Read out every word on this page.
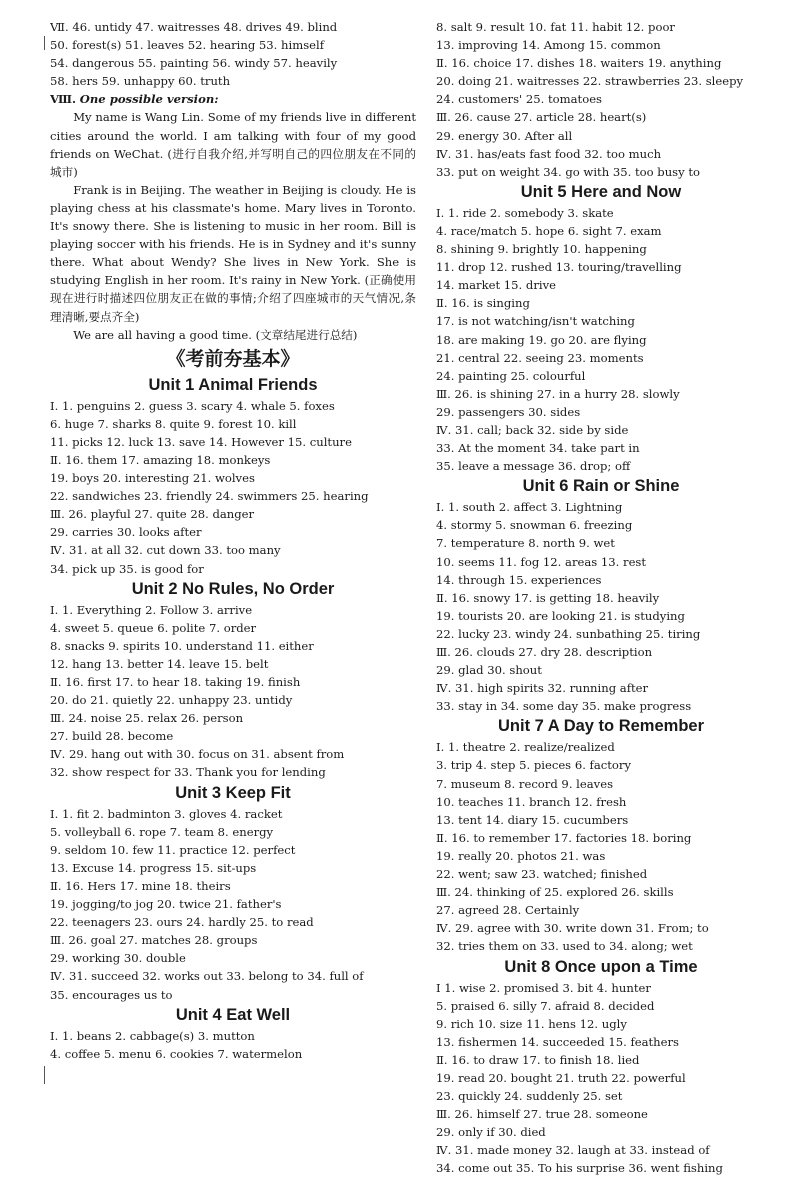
Ⅶ. 46. untidy 47. waitresses 48. drives 49. blind
50. forest(s) 51. leaves 52. hearing 53. himself
54. dangerous 55. painting 56. windy 57. heavily
58. hers 59. unhappy 60. truth
Ⅷ. One possible version:
My name is Wang Lin. Some of my friends live in different cities around the world. I am talking with four of my good friends on WeChat. (进行自我介绍,并写明自己的四位朋友在不同的城市)
Frank is in Beijing. The weather in Beijing is cloudy. He is playing chess at his classmate's home. Mary lives in Toronto. It's snowy there. She is listening to music in her room. Bill is playing soccer with his friends. He is in Sydney and it's sunny there. What about Wendy? She lives in New York. She is studying English in her room. It's rainy in New York. (正确使用现在进行时描述四位朋友正在做的事情;介绍了四座城市的天气情况,条理清晰,要点齐全)
We are all having a good time. (文章结尾进行总结)
《考前夯基本》
Unit 1 Animal Friends
Ⅰ. 1. penguins 2. guess 3. scary 4. whale 5. foxes
6. huge 7. sharks 8. quite 9. forest 10. kill
11. picks 12. luck 13. save 14. However 15. culture
Ⅱ. 16. them 17. amazing 18. monkeys
19. boys 20. interesting 21. wolves
22. sandwiches 23. friendly 24. swimmers 25. hearing
Ⅲ. 26. playful 27. quite 28. danger
29. carries 30. looks after
Ⅳ. 31. at all 32. cut down 33. too many
34. pick up 35. is good for
Unit 2 No Rules, No Order
Ⅰ. 1. Everything 2. Follow 3. arrive
4. sweet 5. queue 6. polite 7. order
8. snacks 9. spirits 10. understand 11. either
12. hang 13. better 14. leave 15. belt
Ⅱ. 16. first 17. to hear 18. taking 19. finish
20. do 21. quietly 22. unhappy 23. untidy
Ⅲ. 24. noise 25. relax 26. person
27. build 28. become
Ⅳ. 29. hang out with 30. focus on 31. absent from
32. show respect for 33. Thank you for lending
Unit 3 Keep Fit
Ⅰ. 1. fit 2. badminton 3. gloves 4. racket
5. volleyball 6. rope 7. team 8. energy
9. seldom 10. few 11. practice 12. perfect
13. Excuse 14. progress 15. sit-ups
Ⅱ. 16. Hers 17. mine 18. theirs
19. jogging/to jog 20. twice 21. father's
22. teenagers 23. ours 24. hardly 25. to read
Ⅲ. 26. goal 27. matches 28. groups
29. working 30. double
Ⅳ. 31. succeed 32. works out 33. belong to 34. full of
35. encourages us to
Unit 4 Eat Well
Ⅰ. 1. beans 2. cabbage(s) 3. mutton
4. coffee 5. menu 6. cookies 7. watermelon
8. salt 9. result 10. fat 11. habit 12. poor
13. improving 14. Among 15. common
Ⅱ. 16. choice 17. dishes 18. waiters 19. anything
20. doing 21. waitresses 22. strawberries 23. sleepy
24. customers' 25. tomatoes
Ⅲ. 26. cause 27. article 28. heart(s)
29. energy 30. After all
Ⅳ. 31. has/eats fast food 32. too much
33. put on weight 34. go with 35. too busy to
Unit 5 Here and Now
Ⅰ. 1. ride 2. somebody 3. skate
4. race/match 5. hope 6. sight 7. exam
8. shining 9. brightly 10. happening
11. drop 12. rushed 13. touring/travelling
14. market 15. drive
Ⅱ. 16. is singing
17. is not watching/isn't watching
18. are making 19. go 20. are flying
21. central 22. seeing 23. moments
24. painting 25. colourful
Ⅲ. 26. is shining 27. in a hurry 28. slowly
29. passengers 30. sides
Ⅳ. 31. call; back 32. side by side
33. At the moment 34. take part in
35. leave a message 36. drop; off
Unit 6 Rain or Shine
Ⅰ. 1. south 2. affect 3. Lightning
4. stormy 5. snowman 6. freezing
7. temperature 8. north 9. wet
10. seems 11. fog 12. areas 13. rest
14. through 15. experiences
Ⅱ. 16. snowy 17. is getting 18. heavily
19. tourists 20. are looking 21. is studying
22. lucky 23. windy 24. sunbathing 25. tiring
Ⅲ. 26. clouds 27. dry 28. description
29. glad 30. shout
Ⅳ. 31. high spirits 32. running after
33. stay in 34. some day 35. make progress
Unit 7 A Day to Remember
Ⅰ. 1. theatre 2. realize/realized
3. trip 4. step 5. pieces 6. factory
7. museum 8. record 9. leaves
10. teaches 11. branch 12. fresh
13. tent 14. diary 15. cucumbers
Ⅱ. 16. to remember 17. factories 18. boring
19. really 20. photos 21. was
22. went; saw 23. watched; finished
Ⅲ. 24. thinking of 25. explored 26. skills
27. agreed 28. Certainly
Ⅳ. 29. agree with 30. write down 31. From; to
32. tries them on 33. used to 34. along; wet
Unit 8 Once upon a Time
Ⅰ 1. wise 2. promised 3. bit 4. hunter
5. praised 6. silly 7. afraid 8. decided
9. rich 10. size 11. hens 12. ugly
13. fishermen 14. succeeded 15. feathers
Ⅱ. 16. to draw 17. to finish 18. lied
19. read 20. bought 21. truth 22. powerful
23. quickly 24. suddenly 25. set
Ⅲ. 26. himself 27. true 28. someone
29. only if 30. died
Ⅳ. 31. made money 32. laugh at 33. instead of
34. come out 35. To his surprise 36. went fishing
